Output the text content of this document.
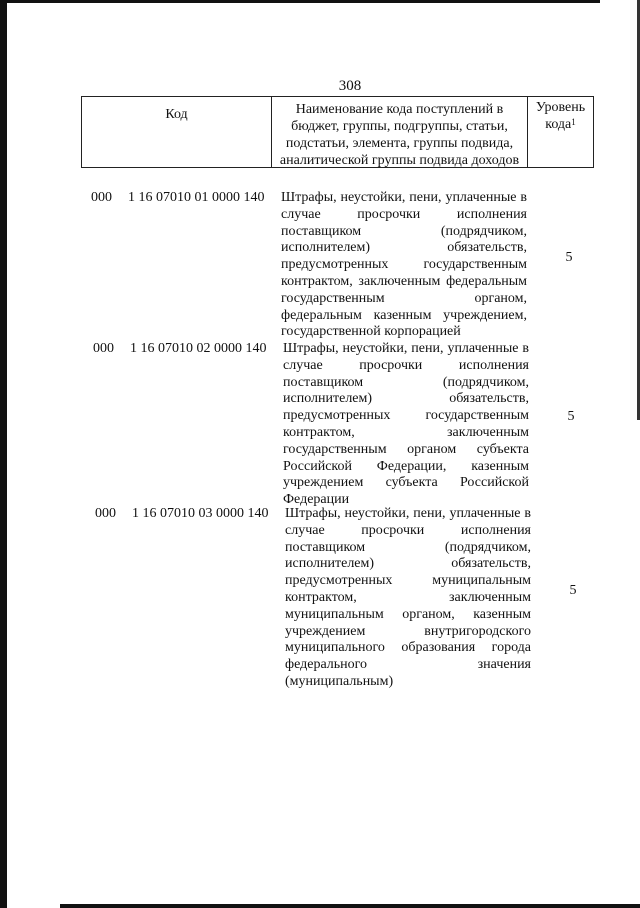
308
Код	Наименование кода поступлений в
бюджет, группы, подгруппы, статьи,
подстатьи, элемента, группы подвида,
аналитической группы подвида доходов
Уровень
кода$^1$
000	1 16 07010 01 0000 140	Штрафы, неустойки, пени, уплаченные в
случае просрочки исполнения
поставщиком (подрядчиком,
исполнителем) обязательств,
предусмотренных государственным
контрактом, заключенным федеральным
государственным органом,
федеральным казенным учреждением,
государственной корпорацией
5
000	1 16 07010 02 0000 140	Штрафы, неустойки, пени, уплаченные в
случае просрочки исполнения
поставщиком (подрядчиком,
исполнителем) обязательств,
предусмотренных государственным
контрактом, заключенным
государственным органом субъекта
Российской Федерации, казенным
учреждением субъекта Российской
Федерации
5
000	1 16 07010 03 0000 140	Штрафы, неустойки, пени, уплаченные в
случае просрочки исполнения
поставщиком (подрядчиком,
исполнителем) обязательств,
предусмотренных муниципальным
контрактом, заключенным
муниципальным органом, казенным
учреждением внутригородского
муниципального образования города
федерального значения
(муниципальным)
5
